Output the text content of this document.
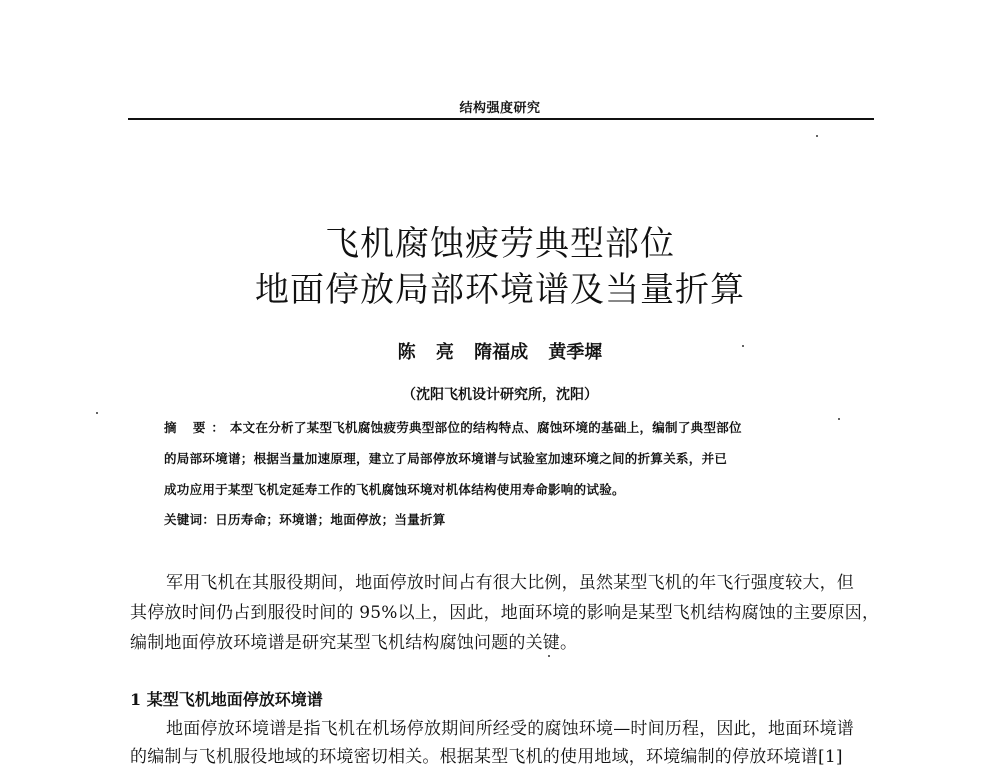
结构强度研究
飞机腐蚀疲劳典型部位
地面停放局部环境谱及当量折算
陈 亮 隋福成 黄季墀
（沈阳飞机设计研究所，沈阳）
摘 要：本文在分析了某型飞机腐蚀疲劳典型部位的结构特点、腐蚀环境的基础上，编制了典型部位
的局部环境谱；根据当量加速原理，建立了局部停放环境谱与试验室加速环境之间的折算关系，并已
成功应用于某型飞机定延寿工作的飞机腐蚀环境对机体结构使用寿命影响的试验。
关键词：日历寿命；环境谱；地面停放；当量折算
军用飞机在其服役期间，地面停放时间占有很大比例，虽然某型飞机的年飞行强度较大，但
其停放时间仍占到服役时间的 95%以上，因此，地面环境的影响是某型飞机结构腐蚀的主要原因，
编制地面停放环境谱是研究某型飞机结构腐蚀问题的关键。
1 某型飞机地面停放环境谱
地面停放环境谱是指飞机在机场停放期间所经受的腐蚀环境—时间历程，因此，地面环境谱
的编制与飞机服役地域的环境密切相关。根据某型飞机的使用地域，环境编制的停放环境谱[1]
